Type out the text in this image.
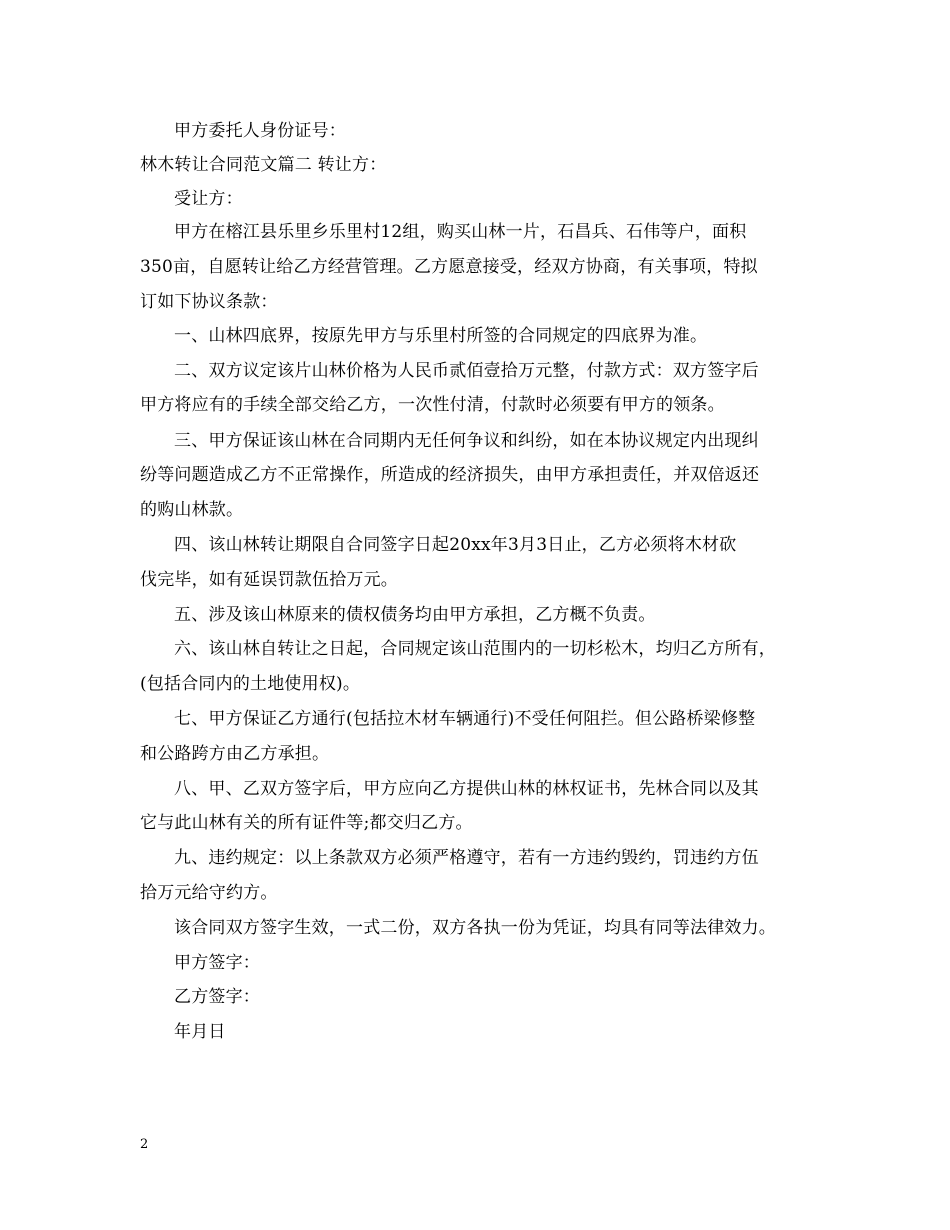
甲方委托人身份证号：
林木转让合同范文篇二 转让方：
受让方：
甲方在榕江县乐里乡乐里村12组，购买山林一片，石昌兵、石伟等户，面积
350亩，自愿转让给乙方经营管理。乙方愿意接受，经双方协商，有关事项，特拟
订如下协议条款：
一、山林四底界，按原先甲方与乐里村所签的合同规定的四底界为准。
二、双方议定该片山林价格为人民币贰佰壹拾万元整，付款方式：双方签字后
甲方将应有的手续全部交给乙方，一次性付清，付款时必须要有甲方的领条。
三、甲方保证该山林在合同期内无任何争议和纠纷，如在本协议规定内出现纠
纷等问题造成乙方不正常操作，所造成的经济损失，由甲方承担责任，并双倍返还
的购山林款。
四、该山林转让期限自合同签字日起20xx年3月3日止，乙方必须将木材砍
伐完毕，如有延误罚款伍拾万元。
五、涉及该山林原来的债权债务均由甲方承担，乙方概不负责。
六、该山林自转让之日起，合同规定该山范围内的一切杉松木，均归乙方所有，
(包括合同内的土地使用权)。
七、甲方保证乙方通行(包括拉木材车辆通行)不受任何阻拦。但公路桥梁修整
和公路跨方由乙方承担。
八、甲、乙双方签字后，甲方应向乙方提供山林的林权证书，先林合同以及其
它与此山林有关的所有证件等;都交归乙方。
九、违约规定：以上条款双方必须严格遵守，若有一方违约毁约，罚违约方伍
拾万元给守约方。
该合同双方签字生效，一式二份，双方各执一份为凭证，均具有同等法律效力。
甲方签字：
乙方签字：
年月日
2
